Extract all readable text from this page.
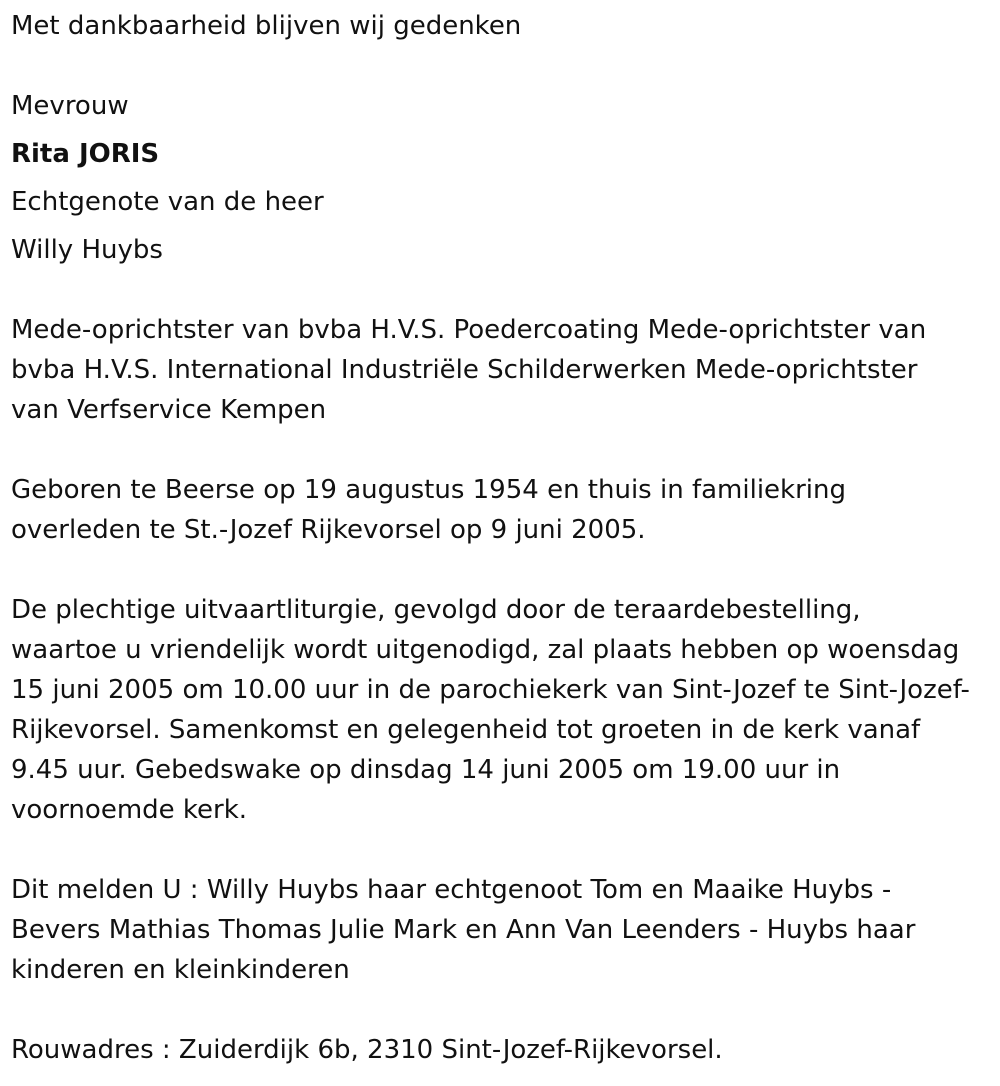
Met dankbaarheid blijven wij gedenken

Mevrouw

Rita JORIS

Echtgenote van de heer

Willy Huybs

Mede-oprichtster van bvba H.V.S. Poedercoating Mede-oprichtster van
bvba H.V.S. International Industriële Schilderwerken Mede-oprichtster
van Verfservice Kempen
Geboren te Beerse op 19 augustus 1954 en thuis in familiekring
overleden te St.-Jozef Rijkevorsel op 9 juni 2005.
De plechtige uitvaartliturgie, gevolgd door de teraardebestelling,
waartoe u vriendelijk wordt uitgenodigd, zal plaats hebben op woensdag
15 juni 2005 om 10.00 uur in de parochiekerk van Sint-Jozef te Sint-Jozef-
Rijkevorsel. Samenkomst en gelegenheid tot groeten in de kerk vanaf
9.45 uur. Gebedswake op dinsdag 14 juni 2005 om 19.00 uur in
voornoemde kerk.
Dit melden U : Willy Huybs haar echtgenoot Tom en Maaike Huybs -
Bevers Mathias Thomas Julie Mark en Ann Van Leenders - Huybs haar
kinderen en kleinkinderen

Rouwadres : Zuiderdijk 6b, 2310 Sint-Jozef-Rijkevorsel.
